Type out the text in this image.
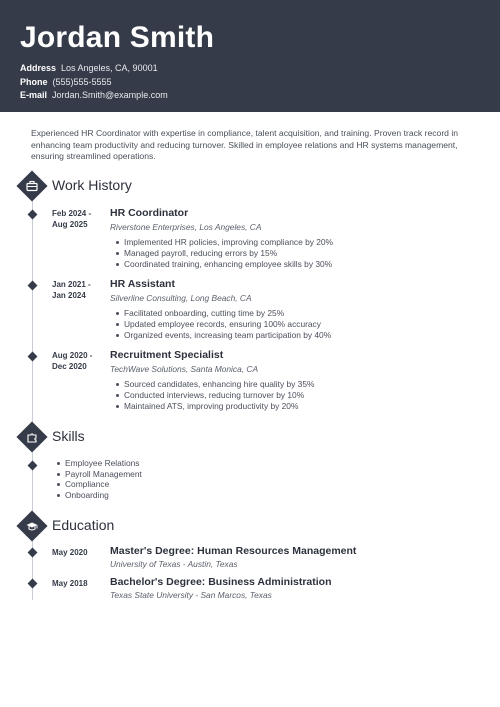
Jordan Smith
Address Los Angeles, CA, 90001
Phone (555)555-5555
E-mail Jordan.Smith@example.com
Experienced HR Coordinator with expertise in compliance, talent acquisition, and training. Proven track record in enhancing team productivity and reducing turnover. Skilled in employee relations and HR systems management, ensuring streamlined operations.
Work History
Feb 2024 -
Aug 2025
HR Coordinator
Riverstone Enterprises, Los Angeles, CA
Implemented HR policies, improving compliance by 20%
Managed payroll, reducing errors by 15%
Coordinated training, enhancing employee skills by 30%
Jan 2021 -
Jan 2024
HR Assistant
Silverline Consulting, Long Beach, CA
Facilitated onboarding, cutting time by 25%
Updated employee records, ensuring 100% accuracy
Organized events, increasing team participation by 40%
Aug 2020 -
Dec 2020
Recruitment Specialist
TechWave Solutions, Santa Monica, CA
Sourced candidates, enhancing hire quality by 35%
Conducted interviews, reducing turnover by 10%
Maintained ATS, improving productivity by 20%
Skills
Employee Relations
Payroll Management
Compliance
Onboarding
Education
May 2020	Master's Degree: Human Resources Management
University of Texas - Austin, Texas
May 2018	Bachelor's Degree: Business Administration
Texas State University - San Marcos, Texas
